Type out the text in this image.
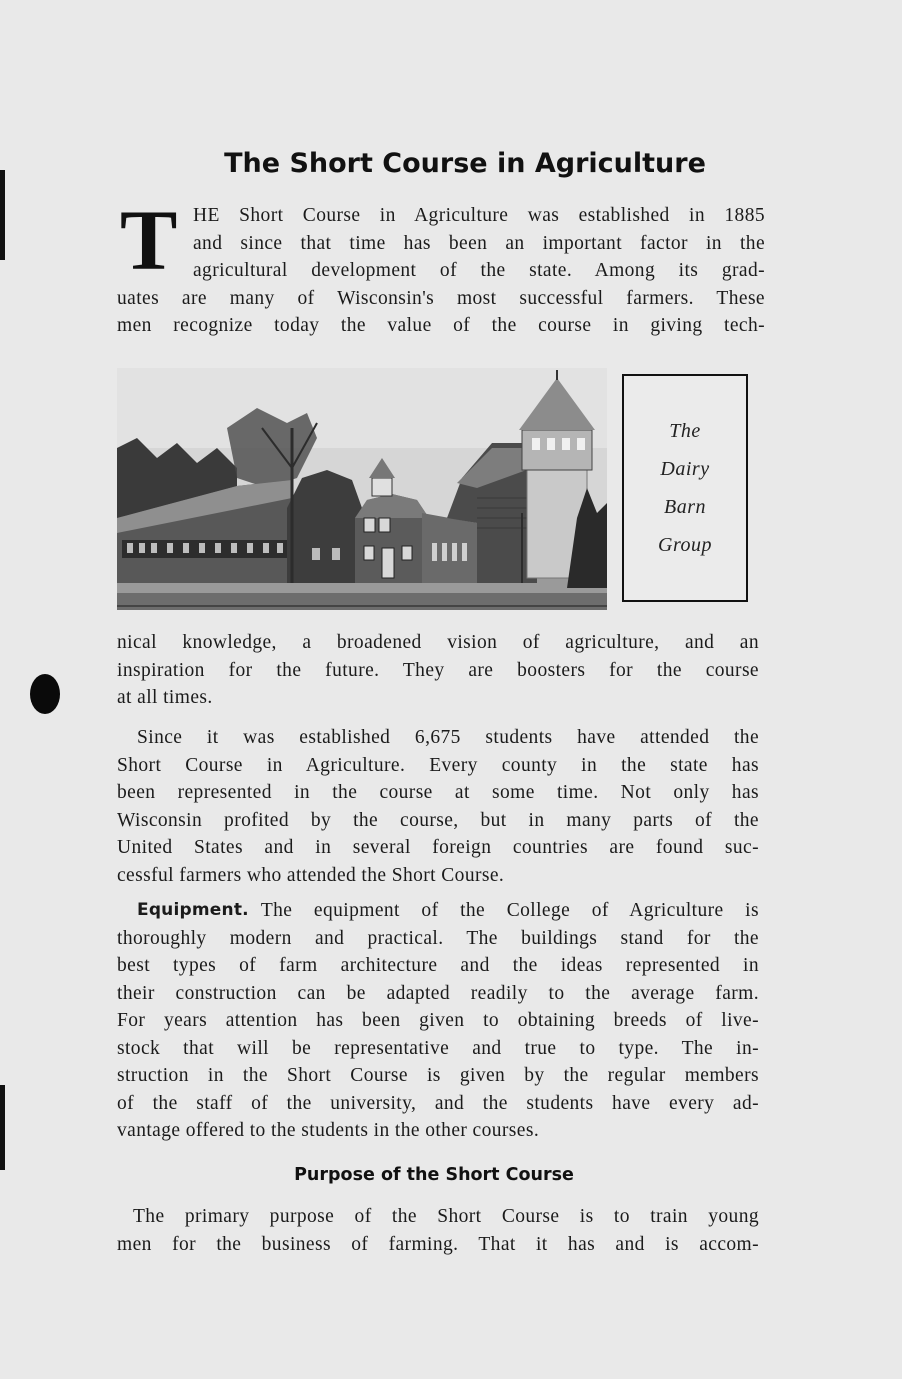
The Short Course in Agriculture
T HE Short Course in Agriculture was established in 1885
and since that time has been an important factor in the
agricultural development of the state. Among its grad-
uates are many of Wisconsin's most successful farmers. These
men recognize today the value of the course in giving tech-
The
Dairy
Barn
Group
nical knowledge, a broadened vision of agriculture, and an
inspiration for the future. They are boosters for the course
at all times.
Since it was established 6,675 students have attended the
Short Course in Agriculture. Every county in the state has
been represented in the course at some time. Not only has
Wisconsin profited by the course, but in many parts of the
United States and in several foreign countries are found suc-
cessful farmers who attended the Short Course.
Equipment. The equipment of the College of Agriculture is
thoroughly modern and practical. The buildings stand for the
best types of farm architecture and the ideas represented in
their construction can be adapted readily to the average farm.
For years attention has been given to obtaining breeds of live-
stock that will be representative and true to type. The in-
struction in the Short Course is given by the regular members
of the staff of the university, and the students have every ad-
vantage offered to the students in the other courses.
Purpose of the Short Course
The primary purpose of the Short Course is to train young
men for the business of farming. That it has and is accom-
